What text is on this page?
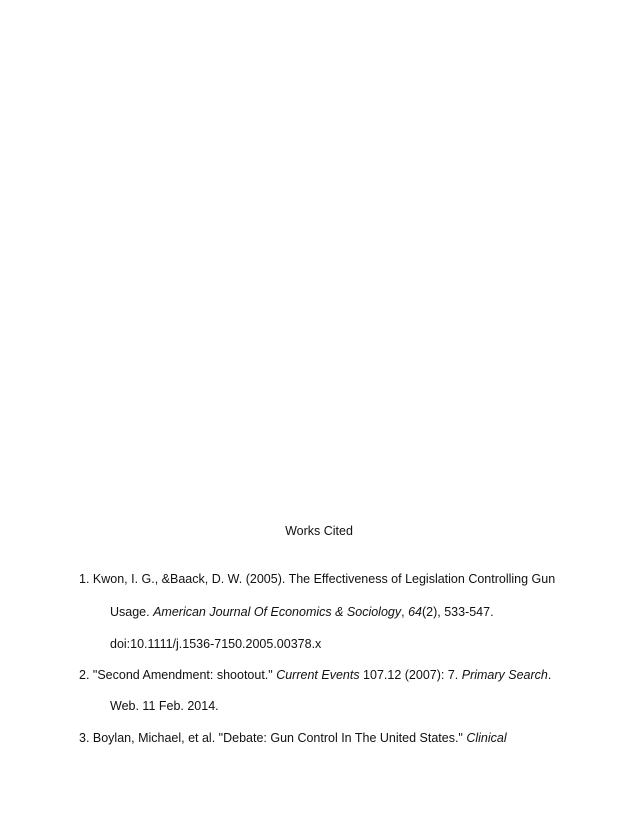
Works Cited
1. Kwon, I. G., &Baack, D. W. (2005). The Effectiveness of Legislation Controlling Gun
Usage. American Journal Of Economics & Sociology, 64(2), 533-547.
doi:10.1111/j.1536-7150.2005.00378.x
2. "Second Amendment: shootout." Current Events 107.12 (2007): 7. Primary Search.
Web. 11 Feb. 2014.
3. Boylan, Michael, et al. "Debate: Gun Control In The United States." Clinical
